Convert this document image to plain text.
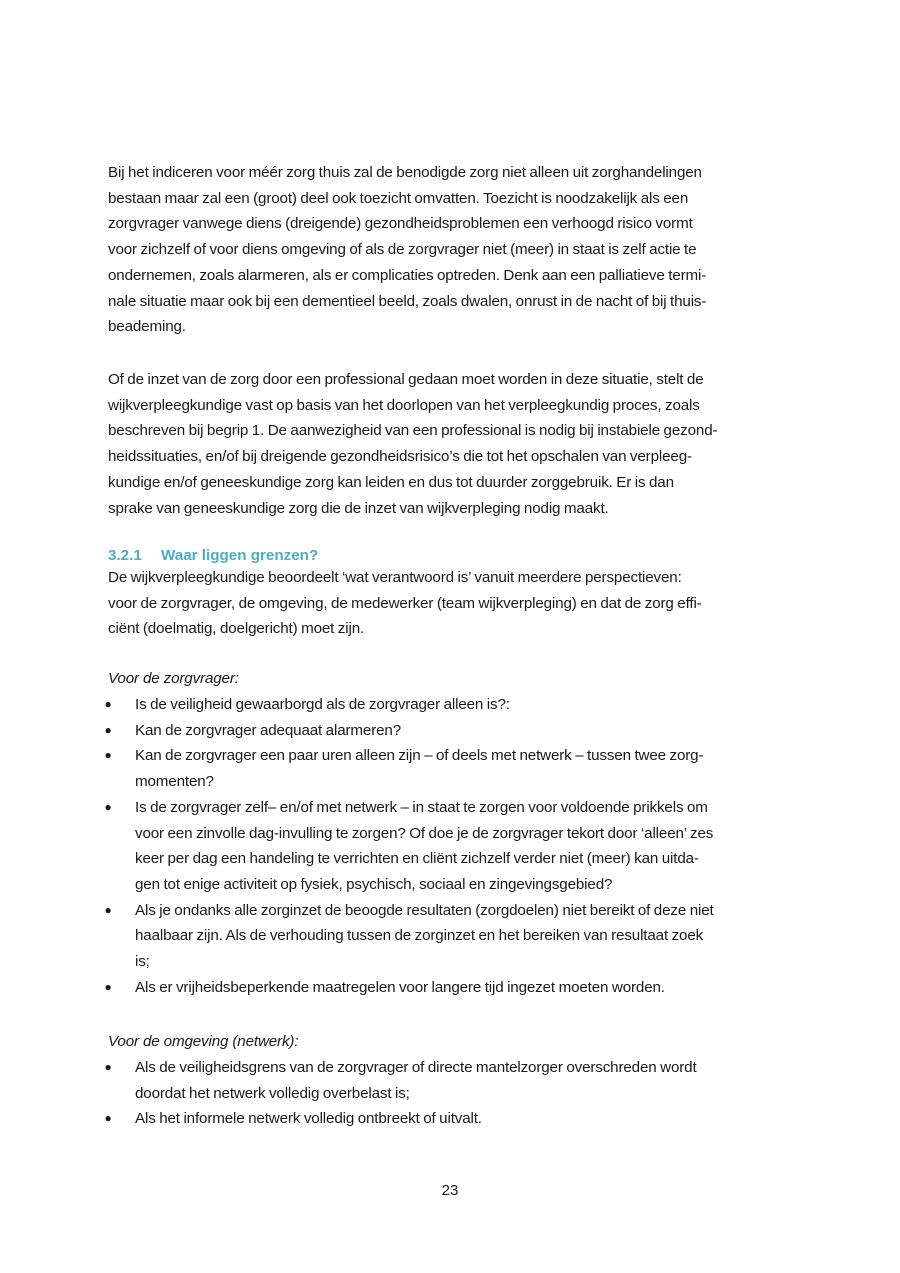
Bij het indiceren voor méér zorg thuis zal de benodigde zorg niet alleen uit zorghandelingen
bestaan maar zal een (groot) deel ook toezicht omvatten. Toezicht is noodzakelijk als een
zorgvrager vanwege diens (dreigende) gezondheidsproblemen een verhoogd risico vormt
voor zichzelf of voor diens omgeving of als de zorgvrager niet (meer) in staat is zelf actie te
ondernemen, zoals alarmeren, als er complicaties optreden. Denk aan een palliatieve termi-
nale situatie maar ook bij een dementieel beeld, zoals dwalen, onrust in de nacht of bij thuis-
beademing.

Of de inzet van de zorg door een professional gedaan moet worden in deze situatie, stelt de
wijkverpleegkundige vast op basis van het doorlopen van het verpleegkundig proces, zoals
beschreven bij begrip 1. De aanwezigheid van een professional is nodig bij instabiele gezond-
heidssituaties, en/of bij dreigende gezondheidsrisico’s die tot het opschalen van verpleeg-
kundige en/of geneeskundige zorg kan leiden en dus tot duurder zorggebruik. Er is dan
sprake van geneeskundige zorg die de inzet van wijkverpleging nodig maakt.

3.2.1 Waar liggen grenzen?

De wijkverpleegkundige beoordeelt ‘wat verantwoord is’ vanuit meerdere perspectieven:
voor de zorgvrager, de omgeving, de medewerker (team wijkverpleging) en dat de zorg effi-
ciënt (doelmatig, doelgericht) moet zijn.

Voor de zorgvrager:

●	Is de veiligheid gewaarborgd als de zorgvrager alleen is?:
●	Kan de zorgvrager adequaat alarmeren?
●	Kan de zorgvrager een paar uren alleen zijn – of deels met netwerk – tussen twee zorg-
momenten?
●	Is de zorgvrager zelf– en/of met netwerk – in staat te zorgen voor voldoende prikkels om
voor een zinvolle dag-invulling te zorgen? Of doe je de zorgvrager tekort door ‘alleen’ zes
keer per dag een handeling te verrichten en cliënt zichzelf verder niet (meer) kan uitda-
gen tot enige activiteit op fysiek, psychisch, sociaal en zingevingsgebied?
●	Als je ondanks alle zorginzet de beoogde resultaten (zorgdoelen) niet bereikt of deze niet
haalbaar zijn. Als de verhouding tussen de zorginzet en het bereiken van resultaat zoek
is;
●	Als er vrijheidsbeperkende maatregelen voor langere tijd ingezet moeten worden.

Voor de omgeving (netwerk):

●	Als de veiligheidsgrens van de zorgvrager of directe mantelzorger overschreden wordt
doordat het netwerk volledig overbelast is;
●	Als het informele netwerk volledig ontbreekt of uitvalt.
23
